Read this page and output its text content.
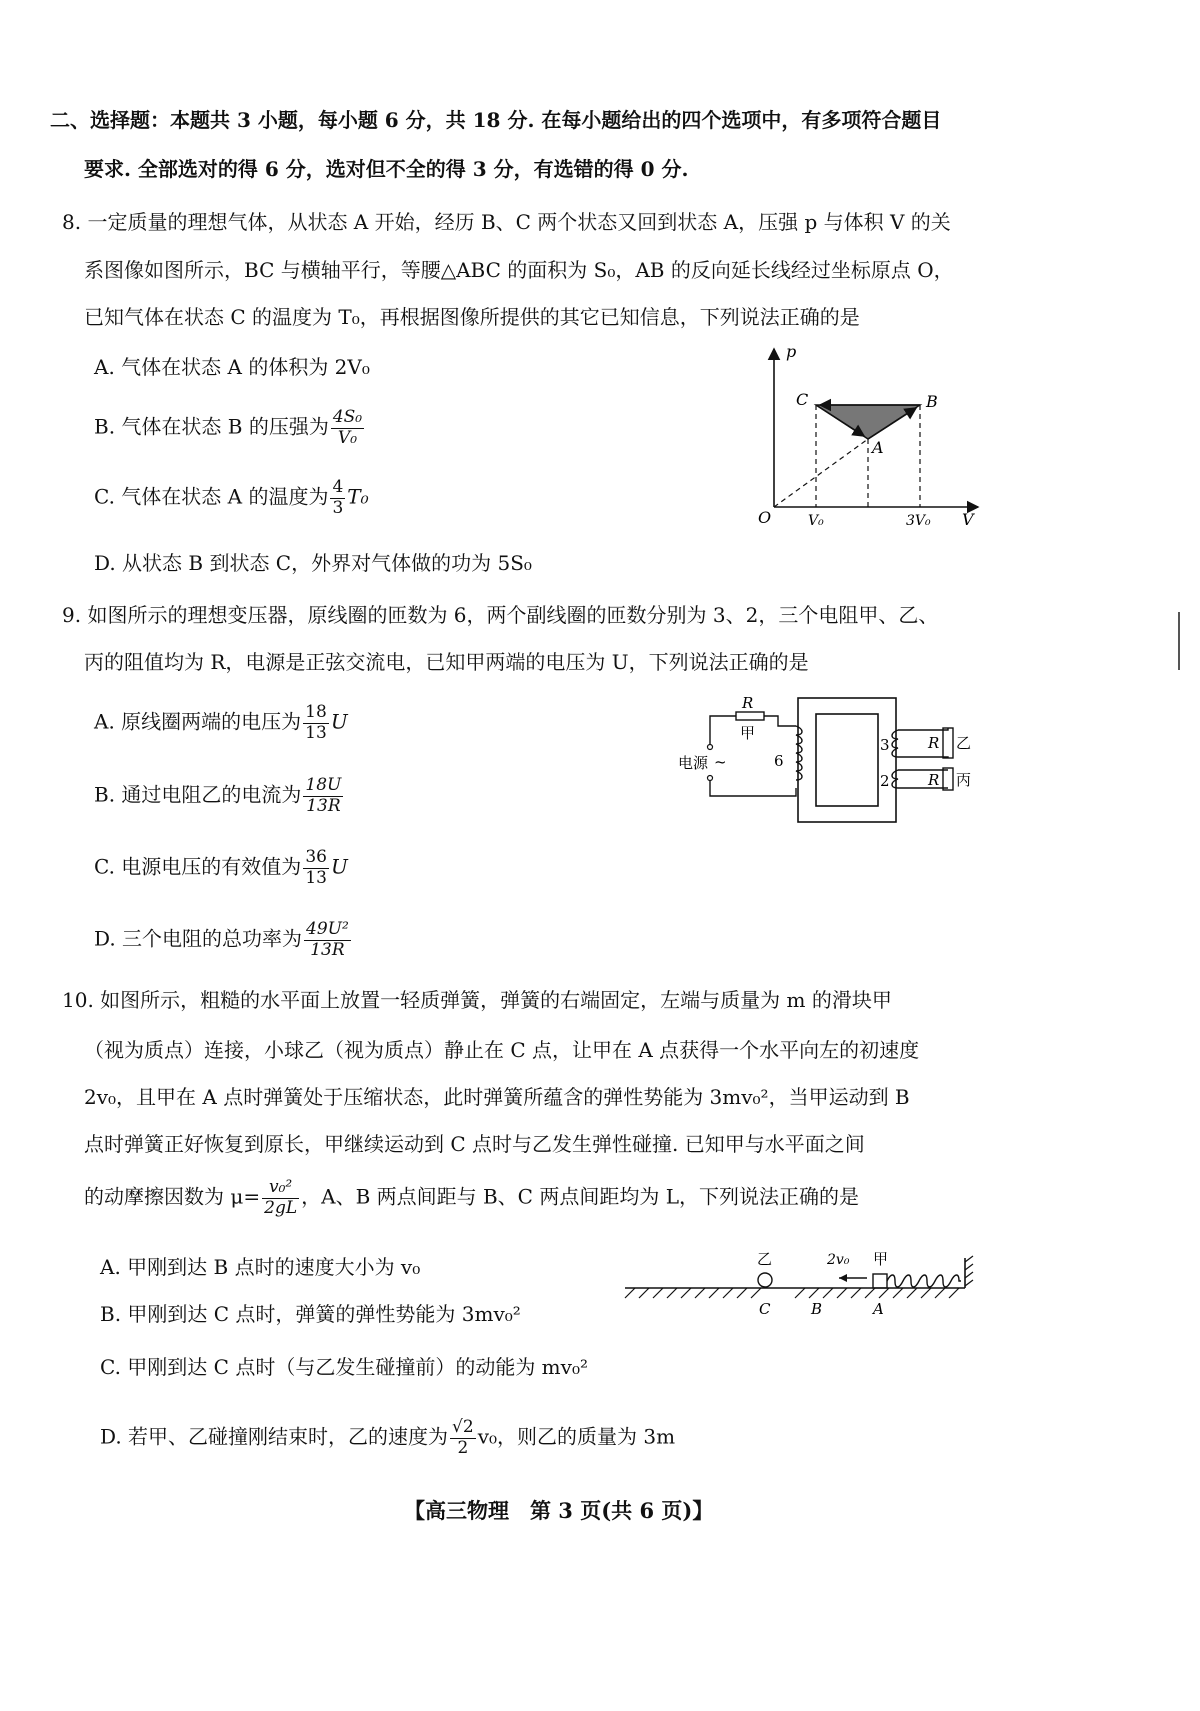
二、选择题：本题共 3 小题，每小题 6 分，共 18 分. 在每小题给出的四个选项中，有多项符合题目
要求. 全部选对的得 6 分，选对但不全的得 3 分，有选错的得 0 分.
8. 一定质量的理想气体，从状态 A 开始，经历 B、C 两个状态又回到状态 A，压强 p 与体积 V 的关
系图像如图所示，BC 与横轴平行，等腰△ABC 的面积为 S₀，AB 的反向延长线经过坐标原点 O，
已知气体在状态 C 的温度为 T₀，再根据图像所提供的其它已知信息，下列说法正确的是
A. 气体在状态 A 的体积为 2V₀
B. 气体在状态 B 的压强为 $\frac{\text{4S₀}}{\text{V₀}}$
C. 气体在状态 A 的温度为 $\frac{4}{3} T_0$
D. 从状态 B 到状态 C，外界对气体做的功为 5S₀
p
V
O
C	B
A
V₀	3V₀
9. 如图所示的理想变压器，原线圈的匝数为 6，两个副线圈的匝数分别为 3、2，三个电阻甲、乙、
丙的阻值均为 R，电源是正弦交流电，已知甲两端的电压为 U，下列说法正确的是
A. 原线圈两端的电压为 $\frac{18}{13}$ U
B. 通过电阻乙的电流为 $\frac{18U}{13R}$
C. 电源电压的有效值为 $\frac{36}{13}$ U
D. 三个电阻的总功率为 $\frac{\text{49U²}}{13R}$
R
甲
电源 ~	6
3
2
R 乙
R 丙
10. 如图所示，粗糙的水平面上放置一轻质弹簧，弹簧的右端固定，左端与质量为 m 的滑块甲
（视为质点）连接，小球乙（视为质点）静止在 C 点，让甲在 A 点获得一个水平向左的初速度
2v₀，且甲在 A 点时弹簧处于压缩状态，此时弹簧所蕴含的弹性势能为 3mv₀²，当甲运动到 B
点时弹簧正好恢复到原长，甲继续运动到 C 点时与乙发生弹性碰撞. 已知甲与水平面之间
的动摩擦因数为 $\mu= \frac{\text{v₀²}}{2gL}$ ，A、B 两点间距与 B、C 两点间距均为 L，下列说法正确的是
A. 甲刚到达 B 点时的速度大小为 v₀
B. 甲刚到达 C 点时，弹簧的弹性势能为 3mv₀²
C. 甲刚到达 C 点时（与乙发生碰撞前）的动能为 mv₀²
D. 若甲、乙碰撞刚结束时，乙的速度为 $\frac{√2}{2} v_0$，则乙的质量为 3m
乙	2v₀ 甲
C	B	A
【高三物理　第 3 页(共 6 页)】
